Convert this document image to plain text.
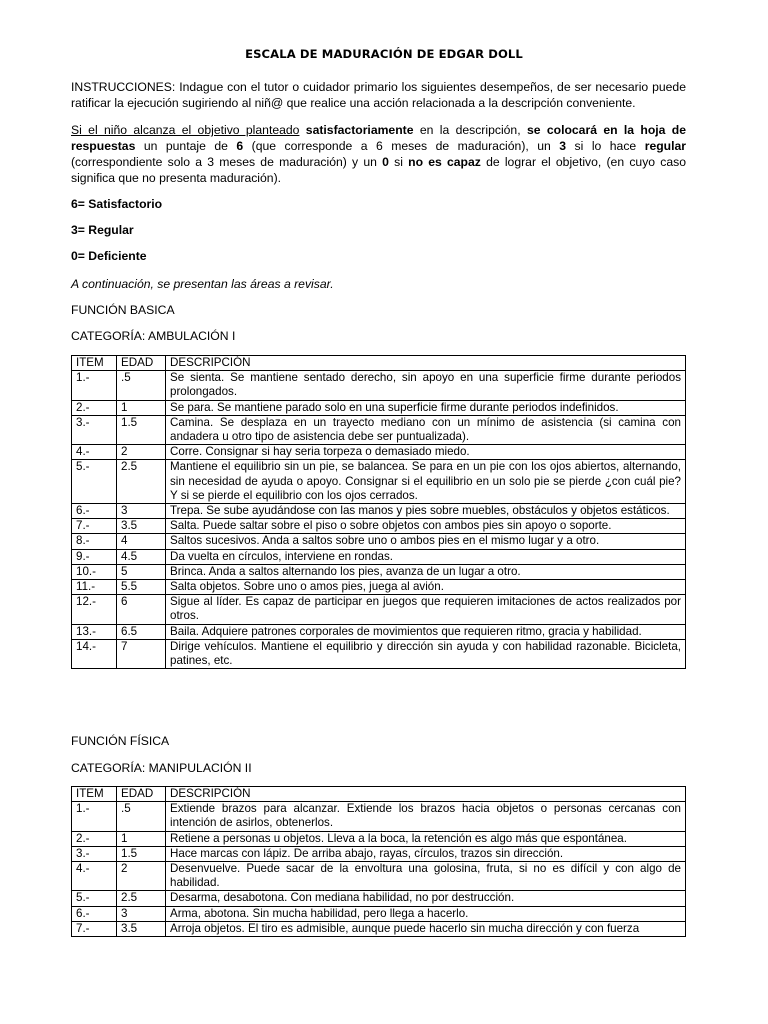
ESCALA DE MADURACIÓN DE EDGAR DOLL
INSTRUCCIONES: Indague con el tutor o cuidador primario los siguientes desempeños, de ser necesario puede ratificar la ejecución sugiriendo al niñ@ que realice una acción relacionada a la descripción conveniente.
Si el niño alcanza el objetivo planteado satisfactoriamente en la descripción, se colocará en la hoja de respuestas un puntaje de 6 (que corresponde a 6 meses de maduración), un 3 si lo hace regular (correspondiente solo a 3 meses de maduración) y un 0 si no es capaz de lograr el objetivo, (en cuyo caso significa que no presenta maduración).
6= Satisfactorio
3= Regular
0= Deficiente
A continuación, se presentan las áreas a revisar.
FUNCIÓN BASICA
CATEGORÍA: AMBULACIÓN I
ITEM	EDAD	DESCRIPCIÓN
1.-	.5	Se sienta. Se mantiene sentado derecho, sin apoyo en una superficie firme durante periodos prolongados.
2.-	1	Se para. Se mantiene parado solo en una superficie firme durante periodos indefinidos.
3.-	1.5	Camina. Se desplaza en un trayecto mediano con un mínimo de asistencia (si camina con andadera u otro tipo de asistencia debe ser puntualizada).
4.-	2	Corre. Consignar si hay seria torpeza o demasiado miedo.
5.-	2.5	Mantiene el equilibrio sin un pie, se balancea. Se para en un pie con los ojos abiertos, alternando, sin necesidad de ayuda o apoyo. Consignar si el equilibrio en un solo pie se pierde ¿con cuál pie? Y si se pierde el equilibrio con los ojos cerrados.
6.-	3	Trepa. Se sube ayudándose con las manos y pies sobre muebles, obstáculos y objetos estáticos.
7.-	3.5	Salta. Puede saltar sobre el piso o sobre objetos con ambos pies sin apoyo o soporte.
8.-	4	Saltos sucesivos. Anda a saltos sobre uno o ambos pies en el mismo lugar y a otro.
9.-	4.5	Da vuelta en círculos, interviene en rondas.
10.-	5	Brinca. Anda a saltos alternando los pies, avanza de un lugar a otro.
11.-	5.5	Salta objetos. Sobre uno o amos pies, juega al avión.
12.-	6	Sigue al líder. Es capaz de participar en juegos que requieren imitaciones de actos realizados por otros.
13.-	6.5	Baila. Adquiere patrones corporales de movimientos que requieren ritmo, gracia y habilidad.
14.-	7	Dirige vehículos. Mantiene el equilibrio y dirección sin ayuda y con habilidad razonable. Bicicleta, patines, etc.
FUNCIÓN FÍSICA
CATEGORÍA: MANIPULACIÓN II
ITEM	EDAD	DESCRIPCIÓN
1.-	.5	Extiende brazos para alcanzar. Extiende los brazos hacia objetos o personas cercanas con intención de asirlos, obtenerlos.
2.-	1	Retiene a personas u objetos. Lleva a la boca, la retención es algo más que espontánea.
3.-	1.5	Hace marcas con lápiz. De arriba abajo, rayas, círculos, trazos sin dirección.
4.-	2	Desenvuelve. Puede sacar de la envoltura una golosina, fruta, si no es difícil y con algo de habilidad.
5.-	2.5	Desarma, desabotona. Con mediana habilidad, no por destrucción.
6.-	3	Arma, abotona. Sin mucha habilidad, pero llega a hacerlo.
7.-	3.5	Arroja objetos. El tiro es admisible, aunque puede hacerlo sin mucha dirección y con fuerza
